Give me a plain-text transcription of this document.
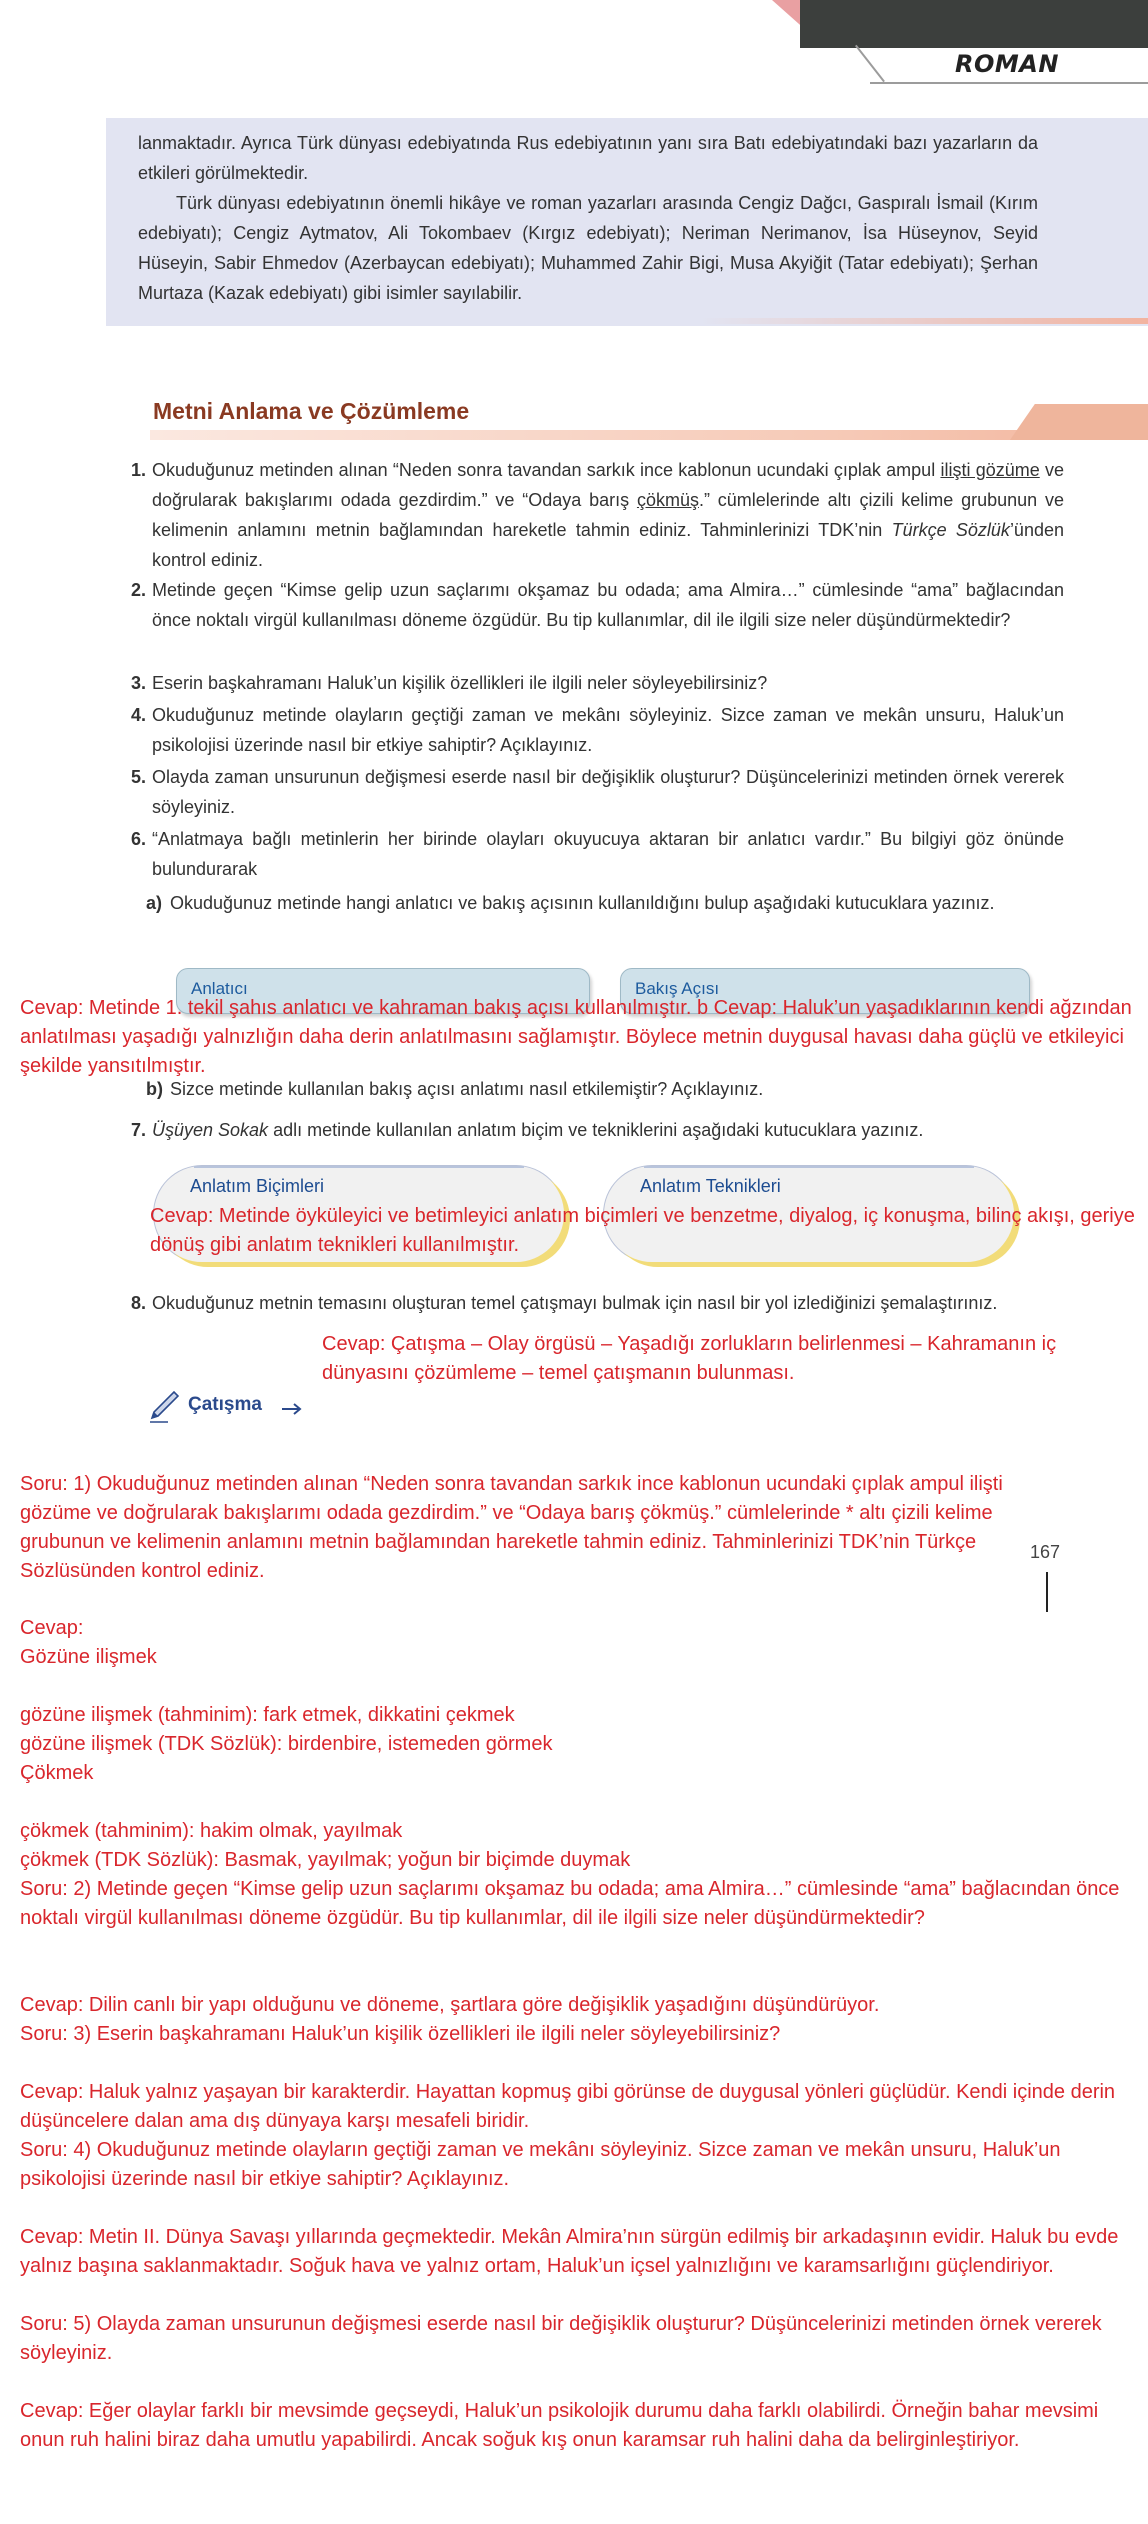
ROMAN
lanmaktadır. Ayrıca Türk dünyası edebiyatında Rus edebiyatının yanı sıra Batı edebiyatındaki bazı yazarların da etkileri görülmektedir.
Türk dünyası edebiyatının önemli hikâye ve roman yazarları arasında Cengiz Dağcı, Gaspıralı İsmail (Kırım edebiyatı); Cengiz Aytmatov, Ali Tokombaev (Kırgız edebiyatı); Neriman Nerimanov, İsa Hüseynov, Seyid Hüseyin, Sabir Ehmedov (Azerbaycan edebiyatı); Muhammed Zahir Bigi, Musa Akyiğit (Tatar edebiyatı); Şerhan Murtaza (Kazak edebiyatı) gibi isimler sayılabilir.
Metni Anlama ve Çözümleme
1. Okuduğunuz metinden alınan “Neden sonra tavandan sarkık ince kablonun ucundaki çıplak ampul ilişti gözüme ve doğrularak bakışlarımı odada gezdirdim.” ve “Odaya barış çökmüş.” cümlelerinde altı çizili kelime grubunun ve kelimenin anlamını metnin bağlamından hareketle tahmin ediniz. Tahminlerinizi TDK’nin Türkçe Sözlük’ünden kontrol ediniz.
2. Metinde geçen “Kimse gelip uzun saçlarımı okşamaz bu odada; ama Almira…” cümlesinde “ama” bağlacından önce noktalı virgül kullanılması döneme özgüdür. Bu tip kullanımlar, dil ile ilgili size neler düşündürmektedir?
3. Eserin başkahramanı Haluk’un kişilik özellikleri ile ilgili neler söyleyebilirsiniz?
4. Okuduğunuz metinde olayların geçtiği zaman ve mekânı söyleyiniz. Sizce zaman ve mekân unsuru, Haluk’un psikolojisi üzerinde nasıl bir etkiye sahiptir? Açıklayınız.
5. Olayda zaman unsurunun değişmesi eserde nasıl bir değişiklik oluşturur? Düşüncelerinizi metinden örnek vererek söyleyiniz.
6. “Anlatmaya bağlı metinlerin her birinde olayları okuyucuya aktaran bir anlatıcı vardır.” Bu bilgiyi göz önünde bulundurarak
a) Okuduğunuz metinde hangi anlatıcı ve bakış açısının kullanıldığını bulup aşağıdaki kutucuklara yazınız.
Anlatıcı	Bakış Açısı
Cevap: Metinde 1. tekil şahıs anlatıcı ve kahraman bakış açısı kullanılmıştır. b Cevap: Haluk’un yaşadıklarının kendi ağzından anlatılması yaşadığı yalnızlığın daha derin anlatılmasını sağlamıştır. Böylece metnin duygusal havası daha güçlü ve etkileyici şekilde yansıtılmıştır.
b) Sizce metinde kullanılan bakış açısı anlatımı nasıl etkilemiştir? Açıklayınız.
7. Üşüyen Sokak adlı metinde kullanılan anlatım biçim ve tekniklerini aşağıdaki kutucuklara yazınız.
Anlatım Biçimleri	Anlatım Teknikleri
Cevap: Metinde öyküleyici ve betimleyici anlatım biçimleri ve benzetme, diyalog, iç konuşma, bilinç akışı, geriye dönüş gibi anlatım teknikleri kullanılmıştır.
8. Okuduğunuz metnin temasını oluşturan temel çatışmayı bulmak için nasıl bir yol izlediğinizi şemalaştırınız.
Cevap: Çatışma – Olay örgüsü – Yaşadığı zorlukların belirlenmesi – Kahramanın iç dünyasını çözümleme – temel çatışmanın bulunması.
Çatışma
167
Soru: 1) Okuduğunuz metinden alınan “Neden sonra tavandan sarkık ince kablonun ucundaki çıplak ampul ilişti gözüme ve doğrularak bakışlarımı odada gezdirdim.” ve “Odaya barış çökmüş.” cümlelerinde * altı çizili kelime grubunun ve kelimenin anlamını metnin bağlamından hareketle tahmin ediniz. Tahminlerinizi TDK’nin Türkçe Sözlüsünden kontrol ediniz.
Cevap:
Gözüne ilişmek
gözüne ilişmek (tahminim): fark etmek, dikkatini çekmek
gözüne ilişmek (TDK Sözlük): birdenbire, istemeden görmek
Çökmek
çökmek (tahminim): hakim olmak, yayılmak
çökmek (TDK Sözlük): Basmak, yayılmak; yoğun bir biçimde duymak
Soru: 2) Metinde geçen “Kimse gelip uzun saçlarımı okşamaz bu odada; ama Almira…” cümlesinde “ama” bağlacından önce noktalı virgül kullanılması döneme özgüdür. Bu tip kullanımlar, dil ile ilgili size neler düşündürmektedir?
Cevap: Dilin canlı bir yapı olduğunu ve döneme, şartlara göre değişiklik yaşadığını düşündürüyor.
Soru: 3) Eserin başkahramanı Haluk’un kişilik özellikleri ile ilgili neler söyleyebilirsiniz?
Cevap: Haluk yalnız yaşayan bir karakterdir. Hayattan kopmuş gibi görünse de duygusal yönleri güçlüdür. Kendi içinde derin düşüncelere dalan ama dış dünyaya karşı mesafeli biridir.
Soru: 4) Okuduğunuz metinde olayların geçtiği zaman ve mekânı söyleyiniz. Sizce zaman ve mekân unsuru, Haluk’un psikolojisi üzerinde nasıl bir etkiye sahiptir? Açıklayınız.
Cevap: Metin II. Dünya Savaşı yıllarında geçmektedir. Mekân Almira’nın sürgün edilmiş bir arkadaşının evidir. Haluk bu evde yalnız başına saklanmaktadır. Soğuk hava ve yalnız ortam, Haluk’un içsel yalnızlığını ve karamsarlığını güçlendiriyor.
Soru: 5) Olayda zaman unsurunun değişmesi eserde nasıl bir değişiklik oluşturur? Düşüncelerinizi metinden örnek vererek söyleyiniz.
Cevap: Eğer olaylar farklı bir mevsimde geçseydi, Haluk’un psikolojik durumu daha farklı olabilirdi. Örneğin bahar mevsimi onun ruh halini biraz daha umutlu yapabilirdi. Ancak soğuk kış onun karamsar ruh halini daha da belirginleştiriyor.
